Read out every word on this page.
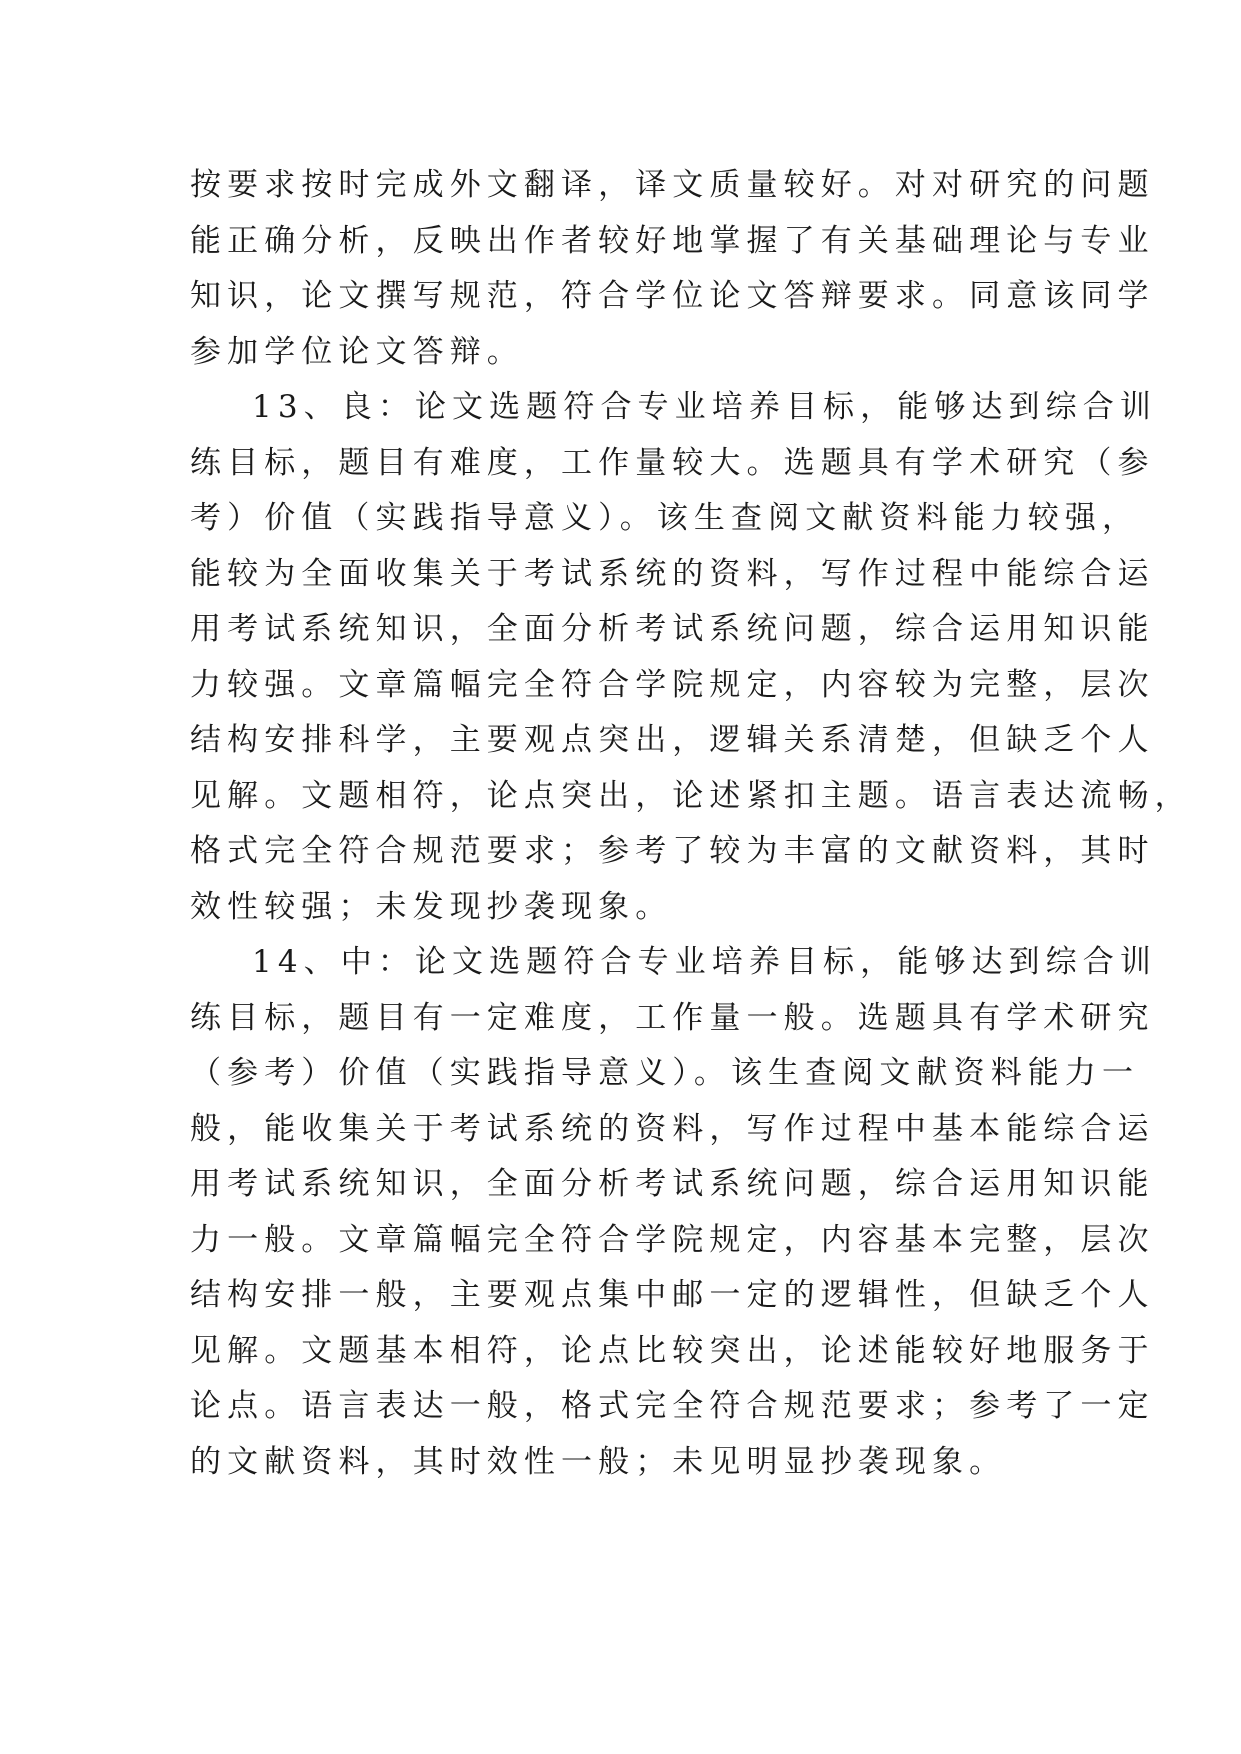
按要求按时完成外文翻译，译文质量较好。对对研究的问题
能正确分析，反映出作者较好地掌握了有关基础理论与专业
知识，论文撰写规范，符合学位论文答辩要求。同意该同学
参加学位论文答辩。
13、良：论文选题符合专业培养目标，能够达到综合训
练目标，题目有难度，工作量较大。选题具有学术研究（参
考）价值（实践指导意义）。该生查阅文献资料能力较强，
能较为全面收集关于考试系统的资料，写作过程中能综合运
用考试系统知识，全面分析考试系统问题，综合运用知识能
力较强。文章篇幅完全符合学院规定，内容较为完整，层次
结构安排科学，主要观点突出，逻辑关系清楚，但缺乏个人
见解。文题相符，论点突出，论述紧扣主题。语言表达流畅，
格式完全符合规范要求；参考了较为丰富的文献资料，其时
效性较强；未发现抄袭现象。
14、中：论文选题符合专业培养目标，能够达到综合训
练目标，题目有一定难度，工作量一般。选题具有学术研究
（参考）价值（实践指导意义）。该生查阅文献资料能力一
般，能收集关于考试系统的资料，写作过程中基本能综合运
用考试系统知识，全面分析考试系统问题，综合运用知识能
力一般。文章篇幅完全符合学院规定，内容基本完整，层次
结构安排一般，主要观点集中邮一定的逻辑性，但缺乏个人
见解。文题基本相符，论点比较突出，论述能较好地服务于
论点。语言表达一般，格式完全符合规范要求；参考了一定
的文献资料，其时效性一般；未见明显抄袭现象。
